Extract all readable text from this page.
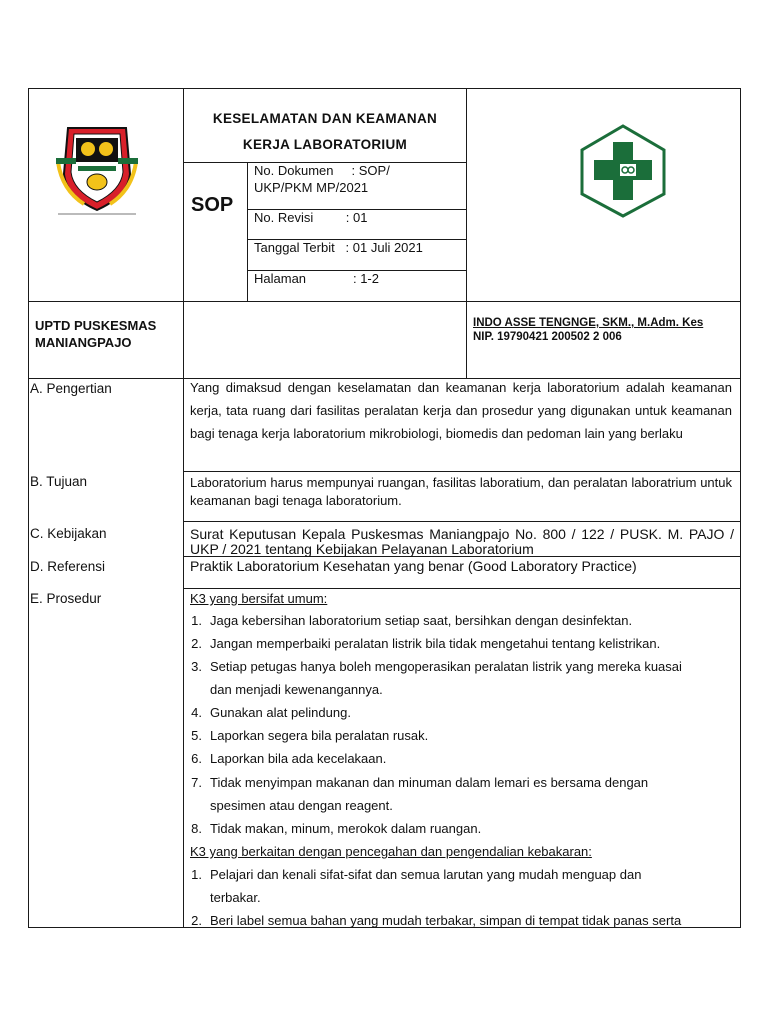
KESELAMATAN DAN KEAMANAN
KERJA LABORATORIUM
SOP
No. Dokumen     : SOP/
UKP/PKM MP/2021
No. Revisi         : 01
Tanggal Terbit   : 01 Juli 2021
Halaman             : 1-2
UPTD PUSKESMAS
MANIANGPAJO
INDO ASSE TENGNGE, SKM., M.Adm. Kes
NIP. 19790421 200502 2 006
A. Pengertian	Yang dimaksud dengan keselamatan dan keamanan kerja laboratorium adalah keamanan kerja, tata ruang dari fasilitas peralatan kerja dan prosedur yang digunakan untuk keamanan bagi tenaga kerja laboratorium mikrobiologi, biomedis dan pedoman lain yang berlaku
B. Tujuan	Laboratorium harus mempunyai ruangan, fasilitas laboratium, dan peralatan laboratrium untuk keamanan bagi tenaga laboratorium.
C. Kebijakan	Surat Keputusan Kepala Puskesmas Maniangpajo No. 800 / 122 / PUSK. M. PAJO / UKP / 2021 tentang Kebijakan Pelayanan Laboratorium
D. Referensi	Praktik Laboratorium Kesehatan yang benar (Good Laboratory Practice)
E. Prosedur	K3 yang bersifat umum:
1. Jaga kebersihan laboratorium setiap saat, bersihkan dengan desinfektan.
2. Jangan memperbaiki peralatan listrik bila tidak mengetahui tentang kelistrikan.
3. Setiap petugas hanya boleh mengoperasikan peralatan listrik yang mereka kuasai
dan menjadi kewenangannya.
4. Gunakan alat pelindung.
5. Laporkan segera bila peralatan rusak.
6. Laporkan bila ada kecelakaan.
7. Tidak menyimpan makanan dan minuman dalam lemari es bersama dengan
spesimen atau dengan reagent.
8. Tidak makan, minum, merokok dalam ruangan.
K3 yang berkaitan dengan pencegahan dan pengendalian kebakaran:
1. Pelajari dan kenali sifat-sifat dan semua larutan yang mudah menguap dan
terbakar.
2. Beri label semua bahan yang mudah terbakar, simpan di tempat tidak panas serta
